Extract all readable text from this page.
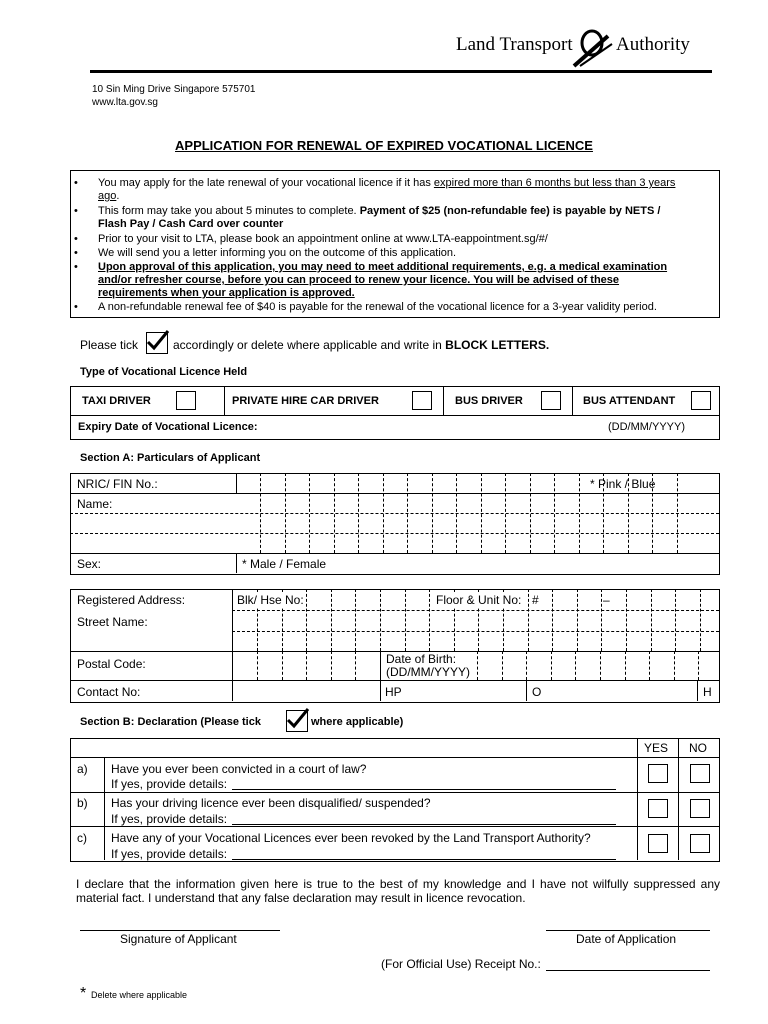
Land Transport Authority
10 Sin Ming Drive Singapore 575701
www.lta.gov.sg
APPLICATION FOR RENEWAL OF EXPIRED VOCATIONAL LICENCE
• You may apply for the late renewal of your vocational licence if it has expired more than 6 months but less than 3 years
ago.
• This form may take you about 5 minutes to complete. Payment of $25 (non-refundable fee) is payable by NETS /
Flash Pay / Cash Card over counter
• Prior to your visit to LTA, please book an appointment online at www.LTA-eappointment.sg/#/
• We will send you a letter informing you on the outcome of this application.
• Upon approval of this application, you may need to meet additional requirements, e.g. a medical examination
and/or refresher course, before you can proceed to renew your licence. You will be advised of these
requirements when your application is approved.
• A non-refundable renewal fee of $40 is payable for the renewal of the vocational licence for a 3-year validity period.
Please tick	accordingly or delete where applicable and write in BLOCK LETTERS.
Type of Vocational Licence Held
TAXI DRIVER	PRIVATE HIRE CAR DRIVER	BUS DRIVER	BUS ATTENDANT
Expiry Date of Vocational Licence:	(DD/MM/YYYY)
Section A: Particulars of Applicant
NRIC/ FIN No.:	* Pink / Blue
Name:
Sex:	* Male / Female
Registered Address:	Blk/ Hse No:	Floor & Unit No: #	–
Street Name:
Postal Code:	Date of Birth:
(DD/MM/YYYY)
Contact No:	HP	O	H
Section B: Declaration (Please tick	where applicable)
YES NO
a) Have you ever been convicted in a court of law?
If yes, provide details:
b) Has your driving licence ever been disqualified/ suspended?
If yes, provide details:
c) Have any of your Vocational Licences ever been revoked by the Land Transport Authority?
If yes, provide details:
I declare that the information given here is true to the best of my knowledge and I have not wilfully suppressed any
material fact. I understand that any false declaration may result in licence revocation.
Signature of Applicant	Date of Application
(For Official Use) Receipt No.:
* Delete where applicable
